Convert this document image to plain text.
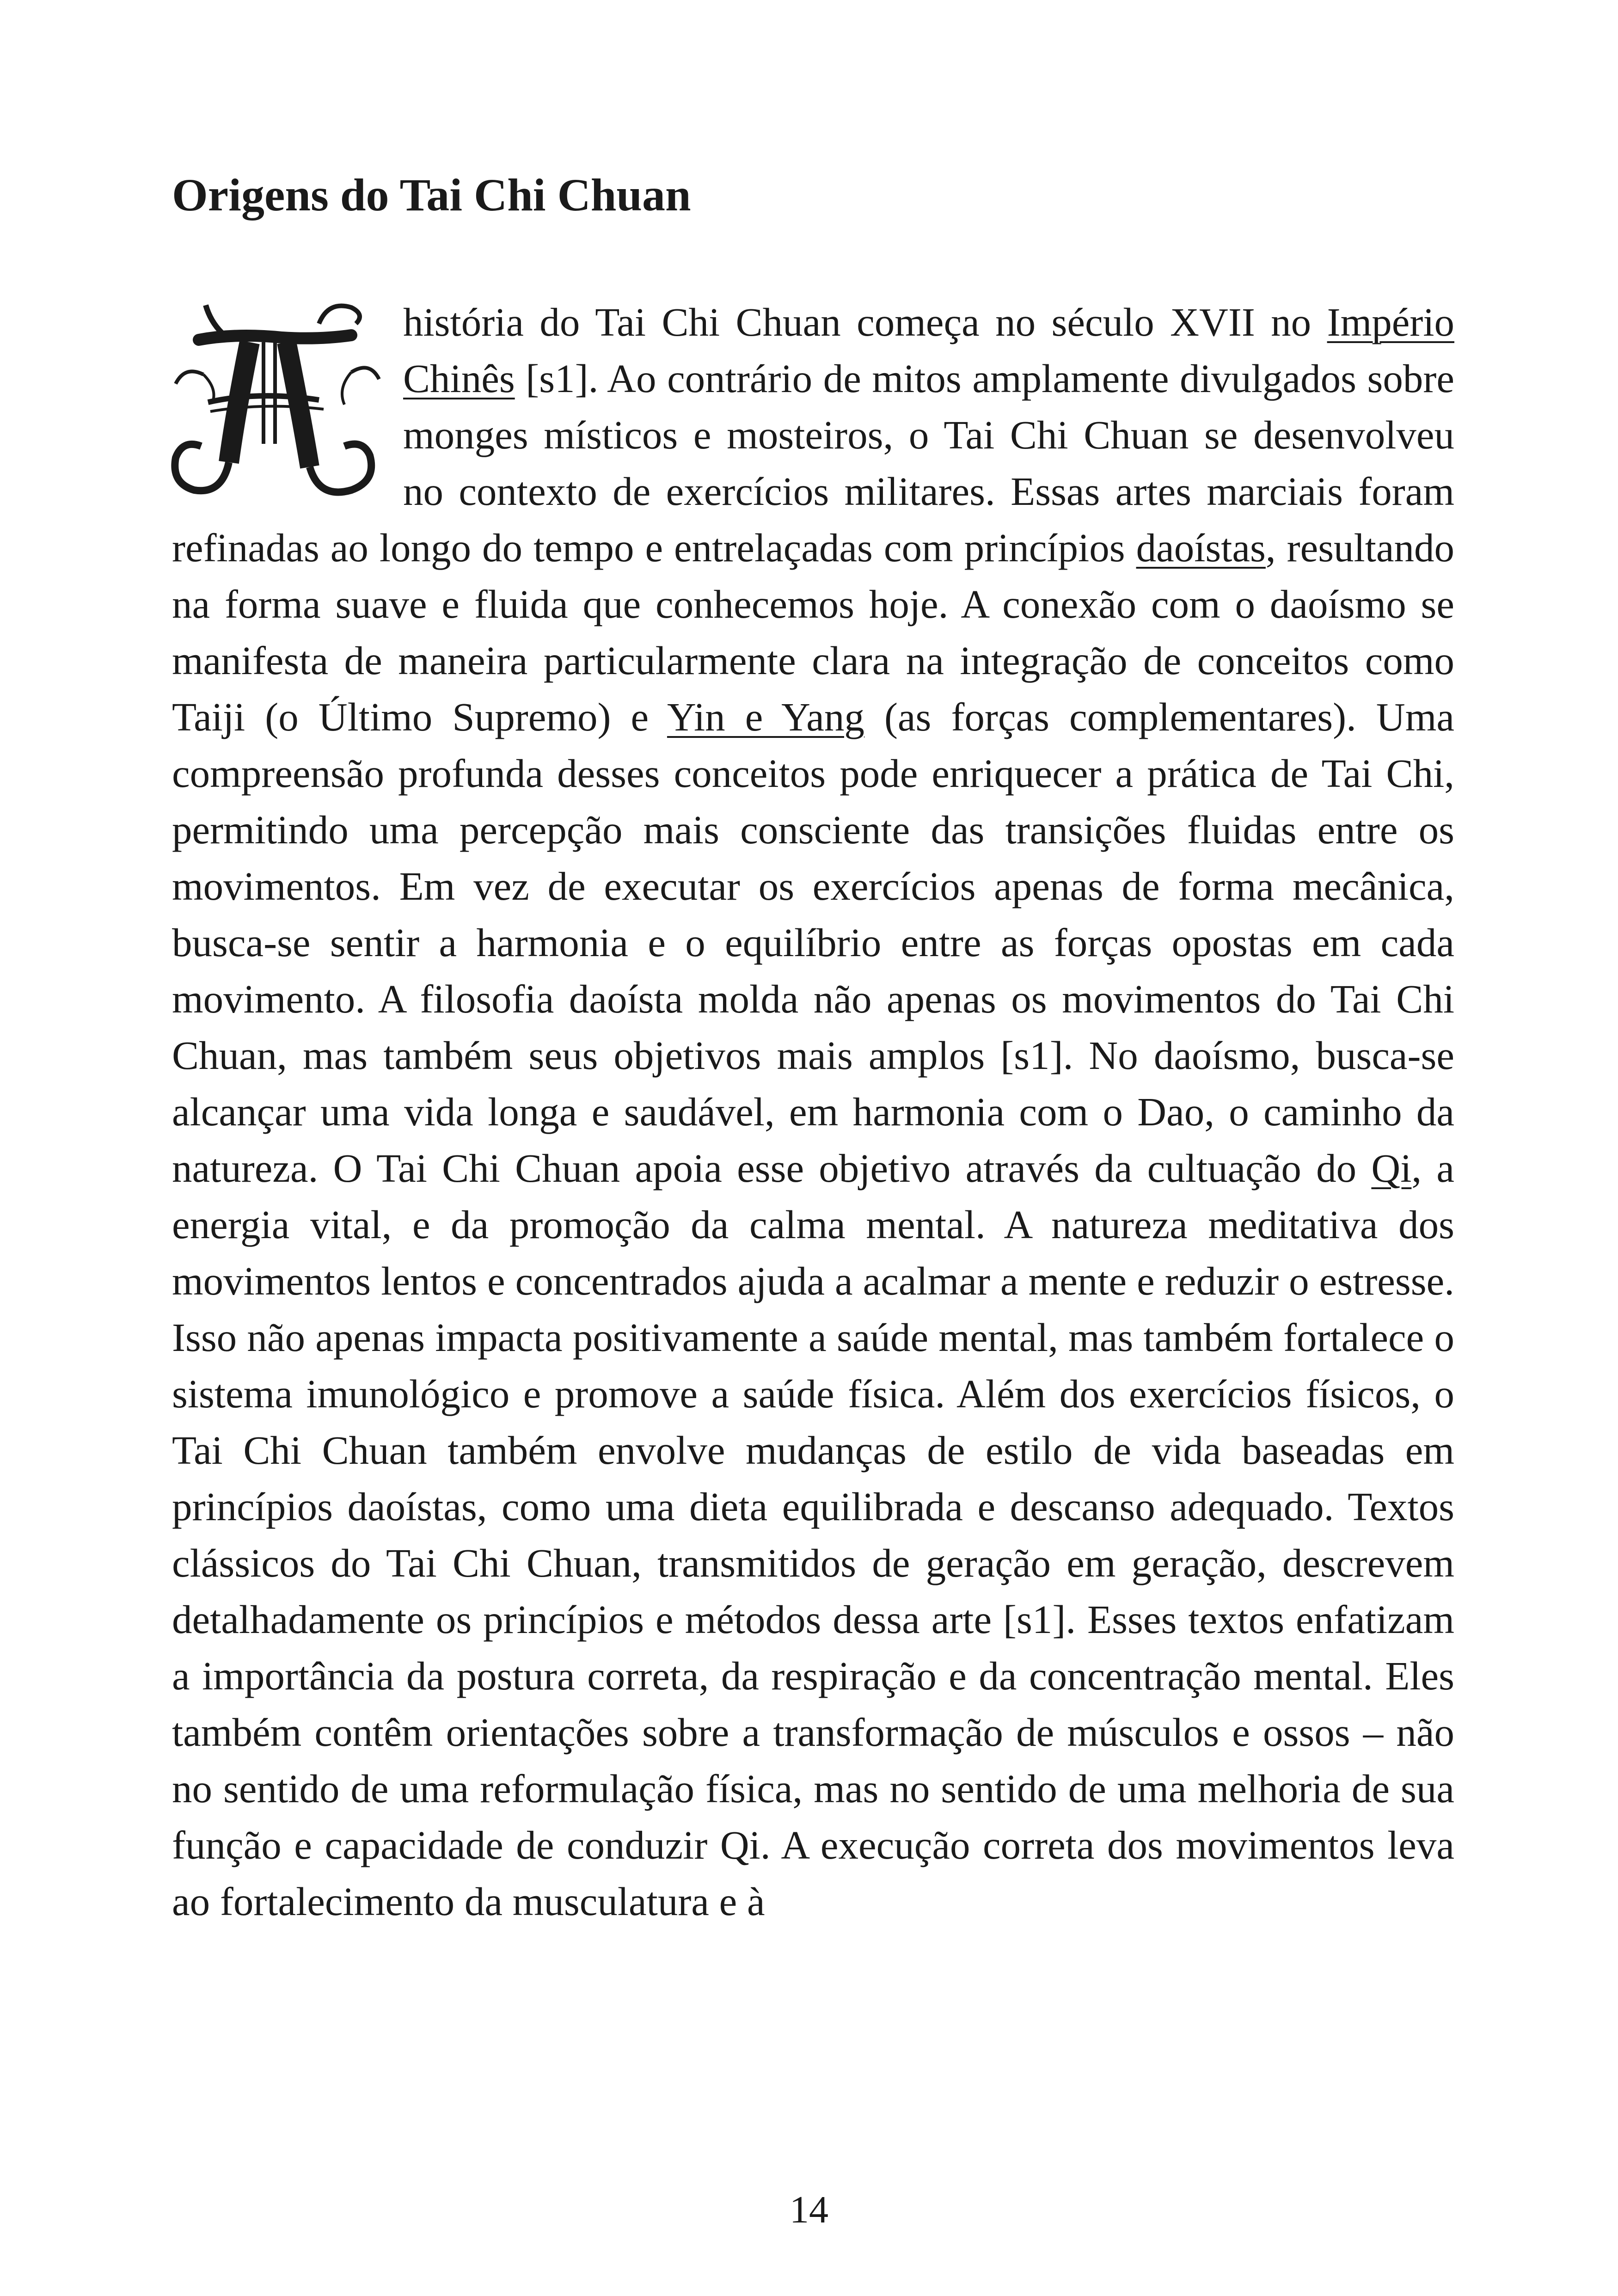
Origens do Tai Chi Chuan

história do Tai Chi Chuan começa no século XVII no Império Chinês [s1]. Ao contrário de mitos amplamente divulgados sobre monges místicos e mosteiros, o Tai Chi Chuan se desenvolveu no contexto de exercícios militares. Essas artes marciais foram refinadas ao longo do tempo e entrelaçadas com princípios daoístas, resultando na forma suave e fluida que conhecemos hoje. A conexão com o daoísmo se manifesta de maneira particularmente clara na integração de conceitos como Taiji (o Último Supremo) e Yin e Yang (as forças complementares). Uma compreensão profunda desses conceitos pode enriquecer a prática de Tai Chi, permitindo uma percepção mais consciente das transições fluidas entre os movimentos. Em vez de executar os exercícios apenas de forma mecânica, busca-se sentir a harmonia e o equilíbrio entre as forças opostas em cada movimento. A filosofia daoísta molda não apenas os movimentos do Tai Chi Chuan, mas também seus objetivos mais amplos [s1]. No daoísmo, busca-se alcançar uma vida longa e saudável, em harmonia com o Dao, o caminho da natureza. O Tai Chi Chuan apoia esse objetivo através da cultuação do Qi, a energia vital, e da promoção da calma mental. A natureza meditativa dos movimentos lentos e concentrados ajuda a acalmar a mente e reduzir o estresse. Isso não apenas impacta positivamente a saúde mental, mas também fortalece o sistema imunológico e promove a saúde física. Além dos exercícios físicos, o Tai Chi Chuan também envolve mudanças de estilo de vida baseadas em princípios daoístas, como uma dieta equilibrada e descanso adequado. Textos clássicos do Tai Chi Chuan, transmitidos de geração em geração, descrevem detalhadamente os princípios e métodos dessa arte [s1]. Esses textos enfatizam a importância da postura correta, da respiração e da concentração mental. Eles também contêm orientações sobre a transformação de músculos e ossos – não no sentido de uma reformulação física, mas no sentido de uma melhoria de sua função e capacidade de conduzir Qi. A execução correta dos movimentos leva ao fortalecimento da musculatura e à

14
